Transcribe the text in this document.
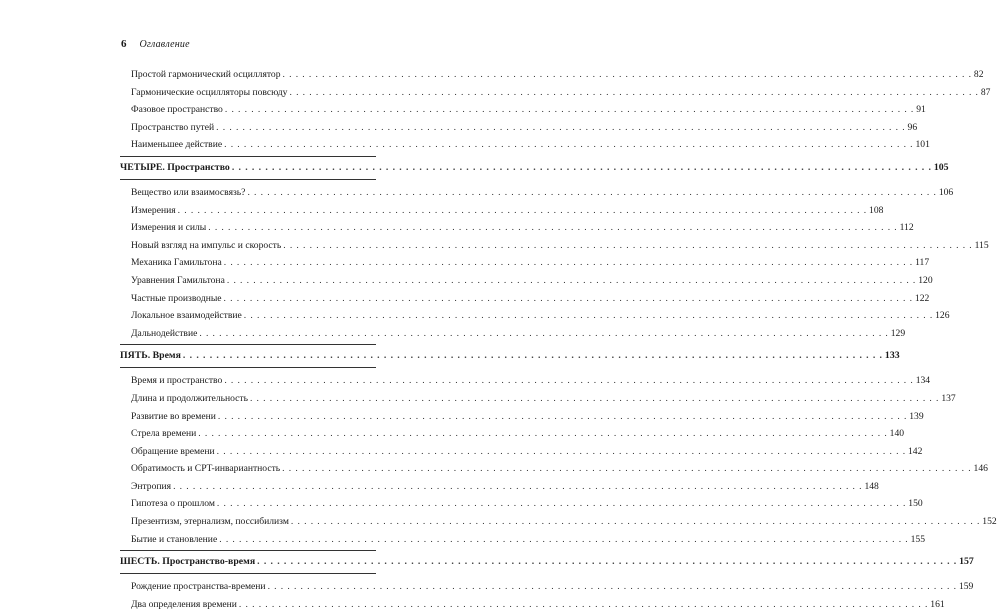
6 Оглавление
Простой гармонический осциллятор . . .	82
Гармонические осцилляторы повсюду . . .	87
Фазовое пространство . . .	91
Пространство путей . . .	96
Наименьшее действие . . .	101
ЧЕТЫРЕ. Пространство . . .	105
Вещество или взаимосвязь? . . .	106
Измерения . . .	108
Измерения и силы . . .	112
Новый взгляд на импульс и скорость . . .	115
Механика Гамильтона . . .	117
Уравнения Гамильтона . . .	120
Частные производные . . .	122
Локальное взаимодействие . . .	126
Дальнодействие . . .	129
ПЯТЬ. Время . . .	133
Время и пространство . . .	134
Длина и продолжительность . . .	137
Развитие во времени . . .	139
Стрела времени . . .	140
Обращение времени . . .	142
Обратимость и CPT-инвариантность . . .	146
Энтропия . . .	148
Гипотеза о прошлом . . .	150
Презентизм, этернализм, поссибилизм . . .	152
Бытие и становление . . .	155
ШЕСТЬ. Пространство-время . . .	157
Рождение пространства-времени . . .	159
Два определения времени . . .	161
